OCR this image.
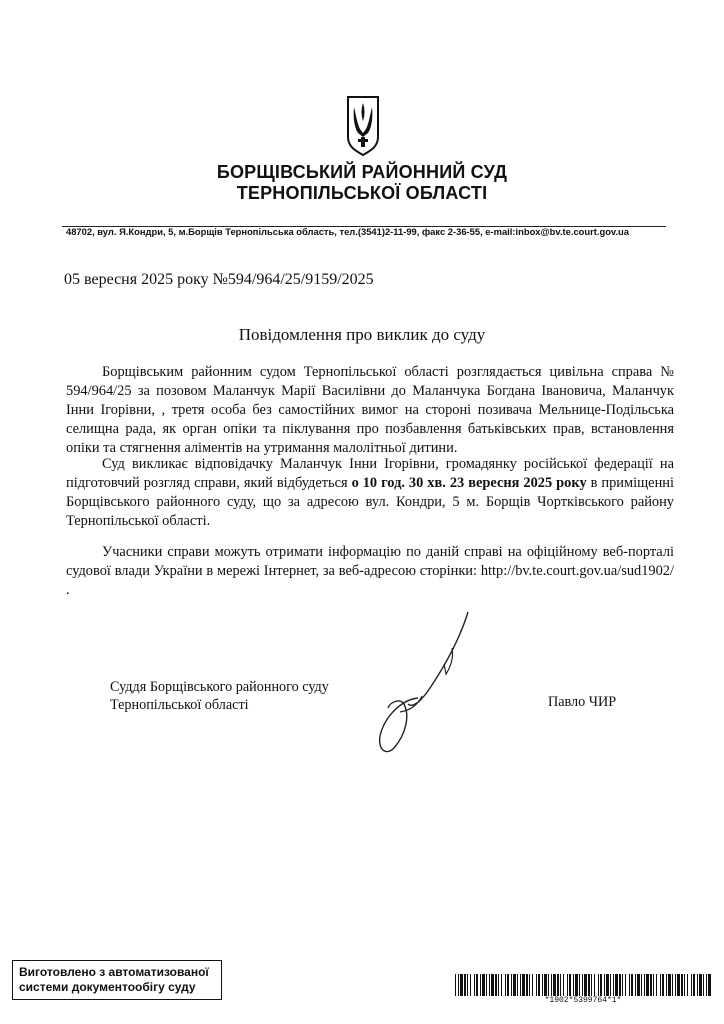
БОРЩІВСЬКИЙ РАЙОННИЙ СУД
ТЕРНОПІЛЬСЬКОЇ ОБЛАСТІ
48702, вул. Я.Кондри, 5, м.Борщів Тернопільська область, тел.(3541)2-11-99, факс 2-36-55, e-mail:inbox@bv.te.court.gov.ua
05 вересня 2025 року №594/964/25/9159/2025
Повідомлення про виклик до суду
Борщівським районним судом Тернопільської області розглядається цивільна справа № 594/964/25 за позовом Маланчук Марії Василівни до Маланчука Богдана Івановича, Маланчук Інни Ігорівни, , третя особа без самостійних вимог на стороні позивача Мельнице-Подільська селищна рада, як орган опіки та піклування про позбавлення батьківських прав, встановлення опіки та стягнення аліментів на утримання малолітньої дитини.
Суд викликає відповідачку Маланчук Інни Ігорівни, громадянку російської федерації на підготовчий розгляд справи, який відбудеться о 10 год. 30 хв. 23 вересня 2025 року в приміщенні Борщівського районного суду, що за адресою вул. Кондри, 5 м. Борщів Чортківського району Тернопільської області.
Учасники справи можуть отримати інформацію по даній справі на офіційному веб-порталі судової влади України в мережі Інтернет, за веб-адресою сторінки: http://bv.te.court.gov.ua/sud1902/ .
Суддя Борщівського районного суду
Тернопільської області	Павло ЧИР
Виготовлено з автоматизованої
системи документообігу суду
*1902*5399764*1*
